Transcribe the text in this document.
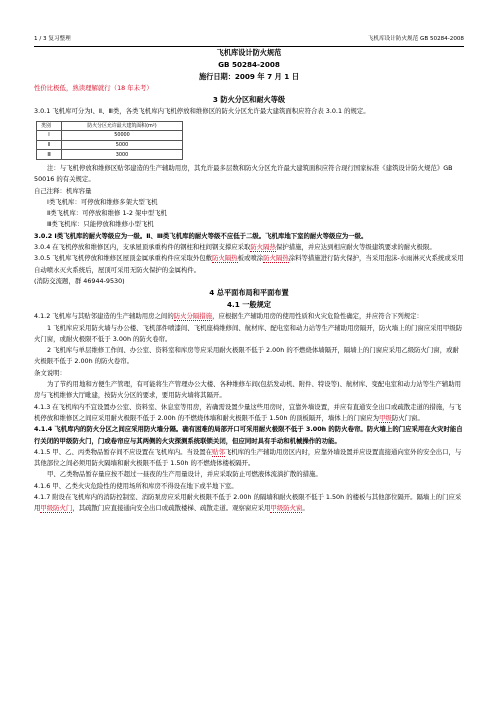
1 / 3 复习整理	飞机库设计防火规范 GB 50284-2008
飞机库设计防火规范
GB 50284-2008
施行日期：2009 年 7 月 1 日

性价比极低，熟读理解就行（18 年未考）

3 防火分区和耐火等级

3.0.1 飞机库可分为Ⅰ、Ⅱ、Ⅲ类，各类飞机库内飞机停放和维修区的防火分区允许最大建筑面积应符合表 3.0.1 的规定。

类别	防火分区允许最大建筑面积(m²)
Ⅰ	50000
Ⅱ	5000
Ⅲ	3000

注：与飞机停放和维修区贴邻建造的生产辅助用房，其允许最多层数和防火分区允许最大建筑面积应符合现行国家标准《建筑设计防火规范》GB 50016 的有关规定。

自己注释：机库容量

Ⅰ类飞机库：可停放和维修多架大型飞机

Ⅱ类飞机库：可停放和维修 1-2 架中型飞机

Ⅲ类飞机库：只能停放和维修小型飞机

3.0.2 Ⅰ类飞机库的耐火等级应为一级。Ⅱ、Ⅲ类飞机库的耐火等级不应低于二级。飞机库地下室的耐火等级应为一级。

3.0.4 在飞机停放和维修区内，支承屋顶承重构件的钢柱和柱间钢支撑应采取防火隔热保护措施，并应达到相应耐火等级建筑要求的耐火极限。

3.0.5 飞机库飞机停放和维修区屋顶金属承重构件应采取外包敷防火隔热板或喷涂防火隔热涂料等措施进行防火保护，当采用泡沫-水雨淋灭火系统或采用自动喷水灭火系统后，屋顶可采用无防火保护的金属构件。

(消防交流题，群 46944-9530)

4 总平面布局和平面布置
4.1 一般规定

4.1.2 飞机库与其贴邻建造的生产辅助用房之间的防火分隔措施，应根据生产辅助用房的使用性质和火灾危险性确定，并应符合下列规定：

1 飞机库应采用防火墙与办公楼、飞机部件喷漆间、飞机座椅维修间、航材库、配电室和动力站等生产辅助用房隔开，防火墙上的门窗应采用甲级防火门窗，或耐火极限不低于 3.00h 的防火卷帘。

2 飞机库与单层维修工作间、办公室、资料室和库房等应采用耐火极限不低于 2.00h 的不燃烧体墙隔开，隔墙上的门窗应采用乙级防火门窗，或耐火极限不低于 2.00h 的防火卷帘。

条文说明：

为了节约用地和方便生产管理，有可能将生产管理办公大楼、各种维修车间(包括发动机、附件、特设等)、航材库、变配电室和动力站等生产辅助用房与飞机维修大厅毗建，按防火分区的要求，要用防火墙将其隔开。

4.1.3 在飞机库内不宜设置办公室、资料室、休息室等用房，若确需设置少量这些用房时，宜靠外墙设置，并应有直通安全出口或疏散走道的措施，与飞机停放和维修区之间应采用耐火极限不低于 2.00h 的不燃烧体墙和耐火极限不低于 1.50h 的顶板隔开，墙体上的门窗应为甲级防火门窗。

4.1.4 飞机库内的防火分区之间应采用防火墙分隔。确有困难的局部开口可采用耐火极限不低于 3.00h 的防火卷帘。防火墙上的门应采用在火灾时能自行关闭的甲级防火门，门或卷帘应与其两侧的火灾探测系统联锁关闭，但应同时具有手动和机械操作的功能。

4.1.5 甲、乙、丙类物品暂存间不应设置在飞机库内。当设置在贴邻飞机库的生产辅助用房区内时，应靠外墙设置并应设置直接通向室外的安全出口，与其他部位之间必须用防火隔墙和耐火极限不低于 1.50h 的不燃烧体楼板隔开。

甲、乙类物品暂存量应按不超过一昼夜的生产用量设计，并应采取防止可燃液体流淌扩散的措施。

4.1.6 甲、乙类火灾危险性的使用场所和库房不得设在地下或半地下室。

4.1.7 附设在飞机库内的消防控制室、消防泵房应采用耐火极限不低于 2.00h 的隔墙和耐火极限不低于 1.50h 的楼板与其他部位隔开。隔墙上的门应采用甲级防火门，其疏散门应直接通向安全出口或疏散楼梯、疏散走道。观察窗应采用甲级防火窗。
